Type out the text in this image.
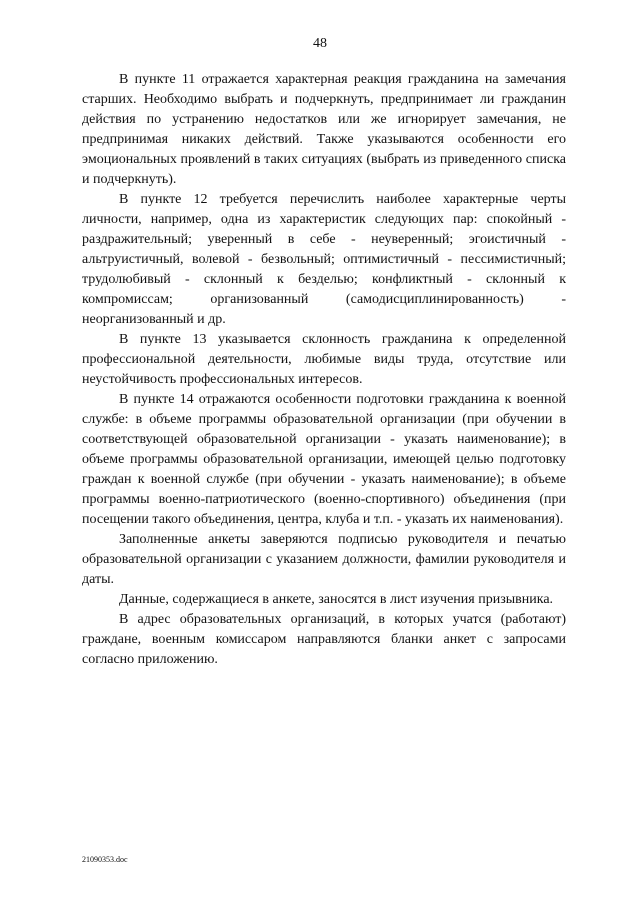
48

В пункте 11 отражается характерная реакция гражданина на замечания старших. Необходимо выбрать и подчеркнуть, предпринимает ли гражданин действия по устранению недостатков или же игнорирует замечания, не предпринимая никаких действий. Также указываются особенности его эмоциональных проявлений в таких ситуациях (выбрать из приведенного списка и подчеркнуть).

В пункте 12 требуется перечислить наиболее характерные черты личности, например, одна из характеристик следующих пар: спокойный - раздражительный; уверенный в себе - неуверенный; эгоистичный - альтруистичный, волевой - безвольный; оптимистичный - пессимистичный; трудолюбивый - склонный к безделью; конфликтный - склонный к компромиссам; организованный (самодисциплинированность) - неорганизованный и др.

В пункте 13 указывается склонность гражданина к определенной профессиональной деятельности, любимые виды труда, отсутствие или неустойчивость профессиональных интересов.

В пункте 14 отражаются особенности подготовки гражданина к военной службе: в объеме программы образовательной организации (при обучении в соответствующей образовательной организации - указать наименование); в объеме программы образовательной организации, имеющей целью подготовку граждан к военной службе (при обучении - указать наименование); в объеме программы военно-патриотического (военно-спортивного) объединения (при посещении такого объединения, центра, клуба и т.п. - указать их наименования).

Заполненные анкеты заверяются подписью руководителя и печатью образовательной организации с указанием должности, фамилии руководителя и даты.

Данные, содержащиеся в анкете, заносятся в лист изучения призывника.

В адрес образовательных организаций, в которых учатся (работают) граждане, военным комиссаром направляются бланки анкет с запросами согласно приложению.

21090353.doc
